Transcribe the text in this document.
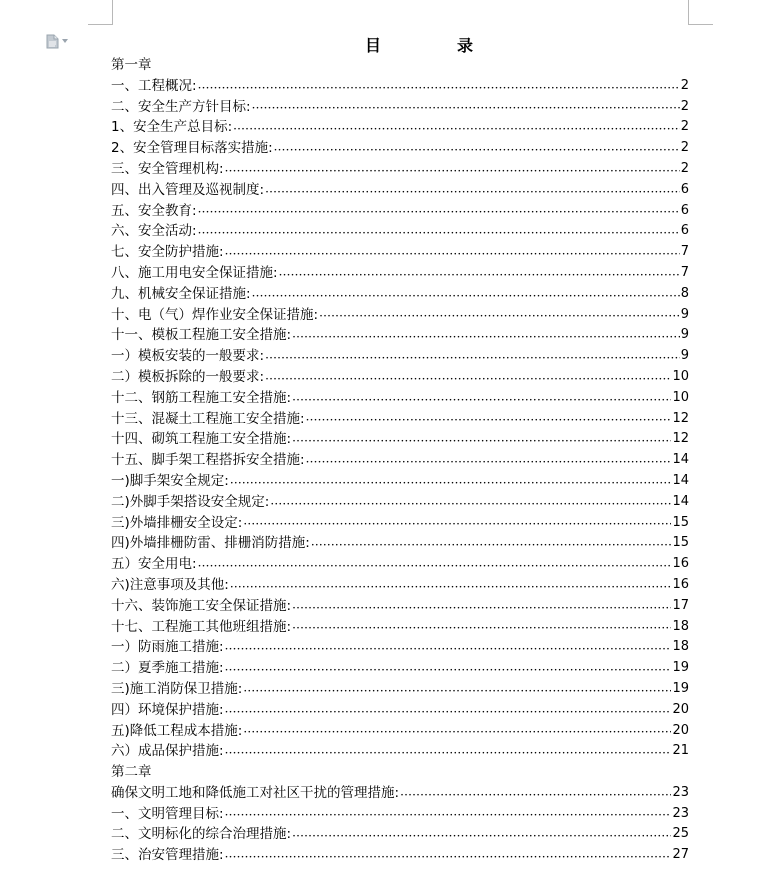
目　录
第一章
一、工程概况: ·····	2
二、安全生产方针目标: ·····	2
1、安全生产总目标: ·····	2
2、安全管理目标落实措施: ·····	2
三、安全管理机构: ·····	2
四、出入管理及巡视制度: ·····	6
五、安全教育: ·····	6
六、安全活动: ·····	6
七、安全防护措施: ·····	7
八、施工用电安全保证措施: ·····	7
九、机械安全保证措施: ·····	8
十、电（气）焊作业安全保证措施: ·····	9
十一、模板工程施工安全措施: ·····	9
一）模板安装的一般要求: ·····	9
二）模板拆除的一般要求: ·····	10
十二、钢筋工程施工安全措施: ·····	10
十三、混凝土工程施工安全措施: ·····	12
十四、砌筑工程施工安全措施: ·····	12
十五、脚手架工程搭拆安全措施: ·····	14
一)脚手架安全规定: ·····	14
二)外脚手架搭设安全规定: ·····	14
三)外墙排栅安全设定: ·····	15
四)外墙排栅防雷、排栅消防措施: ·····	15
五）安全用电: ·····	16
六)注意事项及其他: ·····	16
十六、装饰施工安全保证措施: ·····	17
十七、工程施工其他班组措施: ·····	18
一）防雨施工措施: ·····	18
二）夏季施工措施: ·····	19
三)施工消防保卫措施: ·····	19
四）环境保护措施: ·····	20
五)降低工程成本措施: ·····	20
六）成品保护措施: ·····	21
第二章
确保文明工地和降低施工对社区干扰的管理措施: ·····	23
一、文明管理目标: ·····	23
二、文明标化的综合治理措施: ·····	25
三、治安管理措施: ·····	27
